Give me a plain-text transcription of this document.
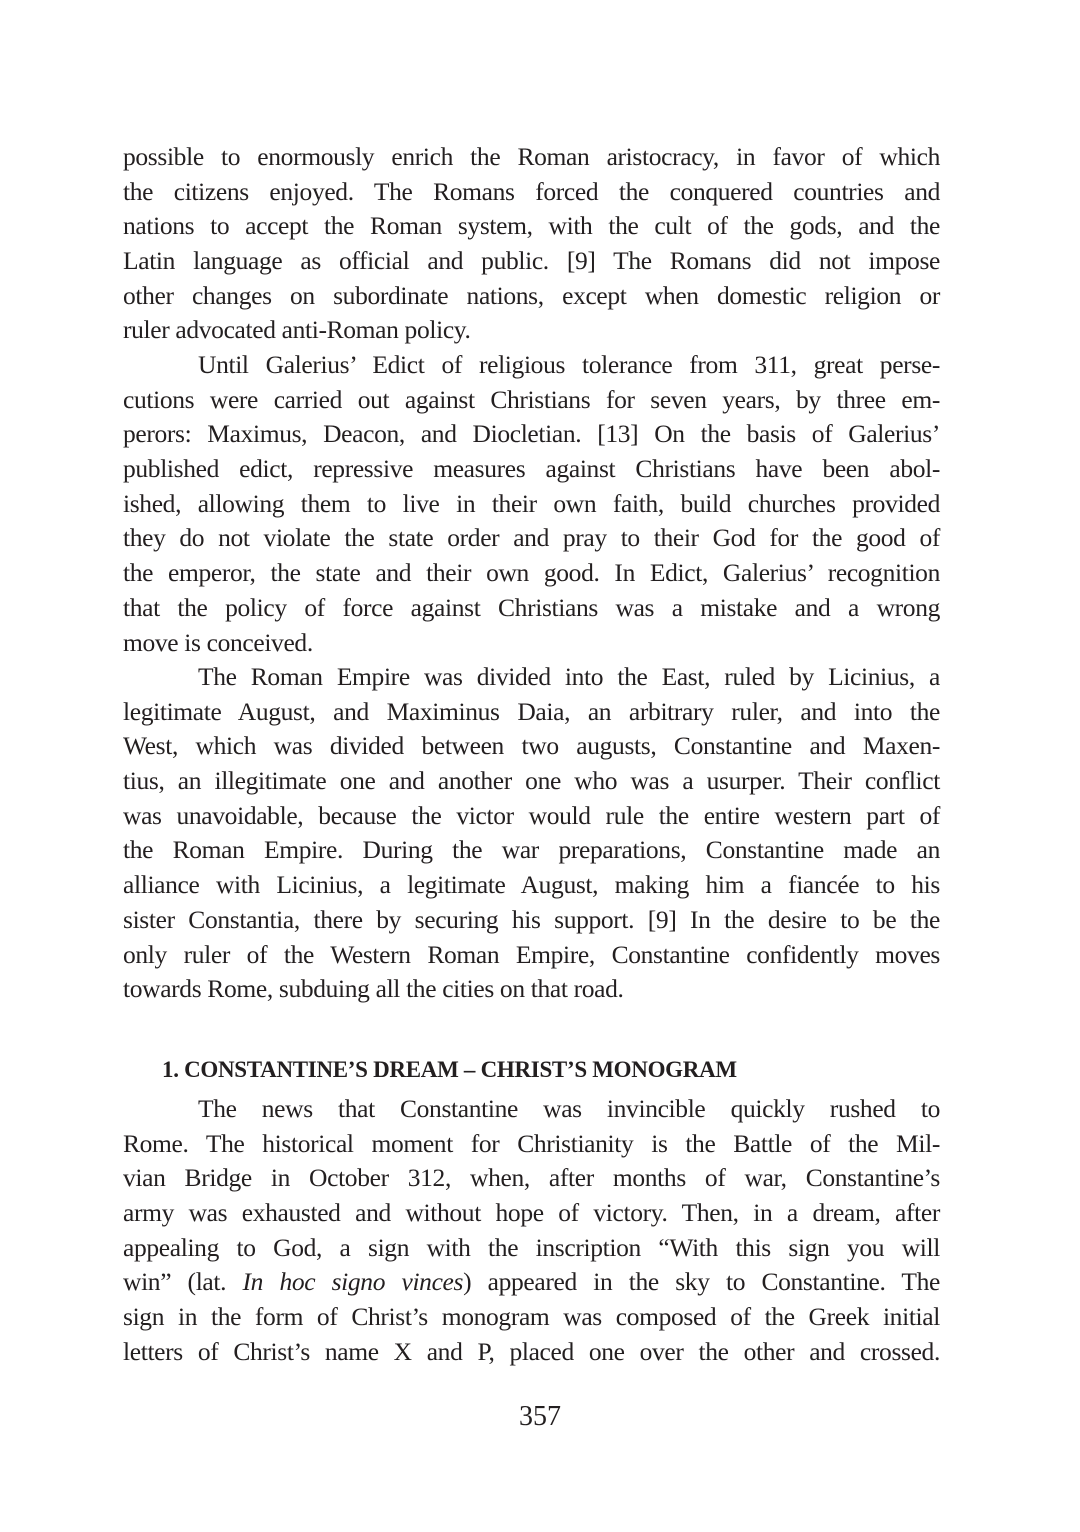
possible to enormously enrich the Roman aristocracy, in favor of which
the citizens enjoyed. The Romans forced the conquered countries and
nations to accept the Roman system, with the cult of the gods, and the
Latin language as official and public. [9] The Romans did not impose
other changes on subordinate nations, except when domestic religion or
ruler advocated anti-Roman policy.
Until Galerius’ Edict of religious tolerance from 311, great perse-
cutions were carried out against Christians for seven years, by three em-
perors: Maximus, Deacon, and Diocletian. [13] On the basis of Galerius’
published edict, repressive measures against Christians have been abol-
ished, allowing them to live in their own faith, build churches provided
they do not violate the state order and pray to their God for the good of
the emperor, the state and their own good. In Edict, Galerius’ recognition
that the policy of force against Christians was a mistake and a wrong
move is conceived.
The Roman Empire was divided into the East, ruled by Licinius, a
legitimate August, and Maximinus Daia, an arbitrary ruler, and into the
West, which was divided between two augusts, Constantine and Maxen-
tius, an illegitimate one and another one who was a usurper. Their conflict
was unavoidable, because the victor would rule the entire western part of
the Roman Empire. During the war preparations, Constantine made an
alliance with Licinius, a legitimate August, making him a fiancée to his
sister Constantia, there by securing his support. [9] In the desire to be the
only ruler of the Western Roman Empire, Constantine confidently moves
towards Rome, subduing all the cities on that road.
1. CONSTANTINE’S DREAM – CHRIST’S MONOGRAM
The news that Constantine was invincible quickly rushed to
Rome. The historical moment for Christianity is the Battle of the Mil-
vian Bridge in October 312, when, after months of war, Constantine’s
army was exhausted and without hope of victory. Then, in a dream, after
appealing to God, a sign with the inscription “With this sign you will
win” (lat. In hoc signo vinces) appeared in the sky to Constantine. The
sign in the form of Christ’s monogram was composed of the Greek initial
letters of Christ’s name X and P, placed one over the other and crossed.
357
